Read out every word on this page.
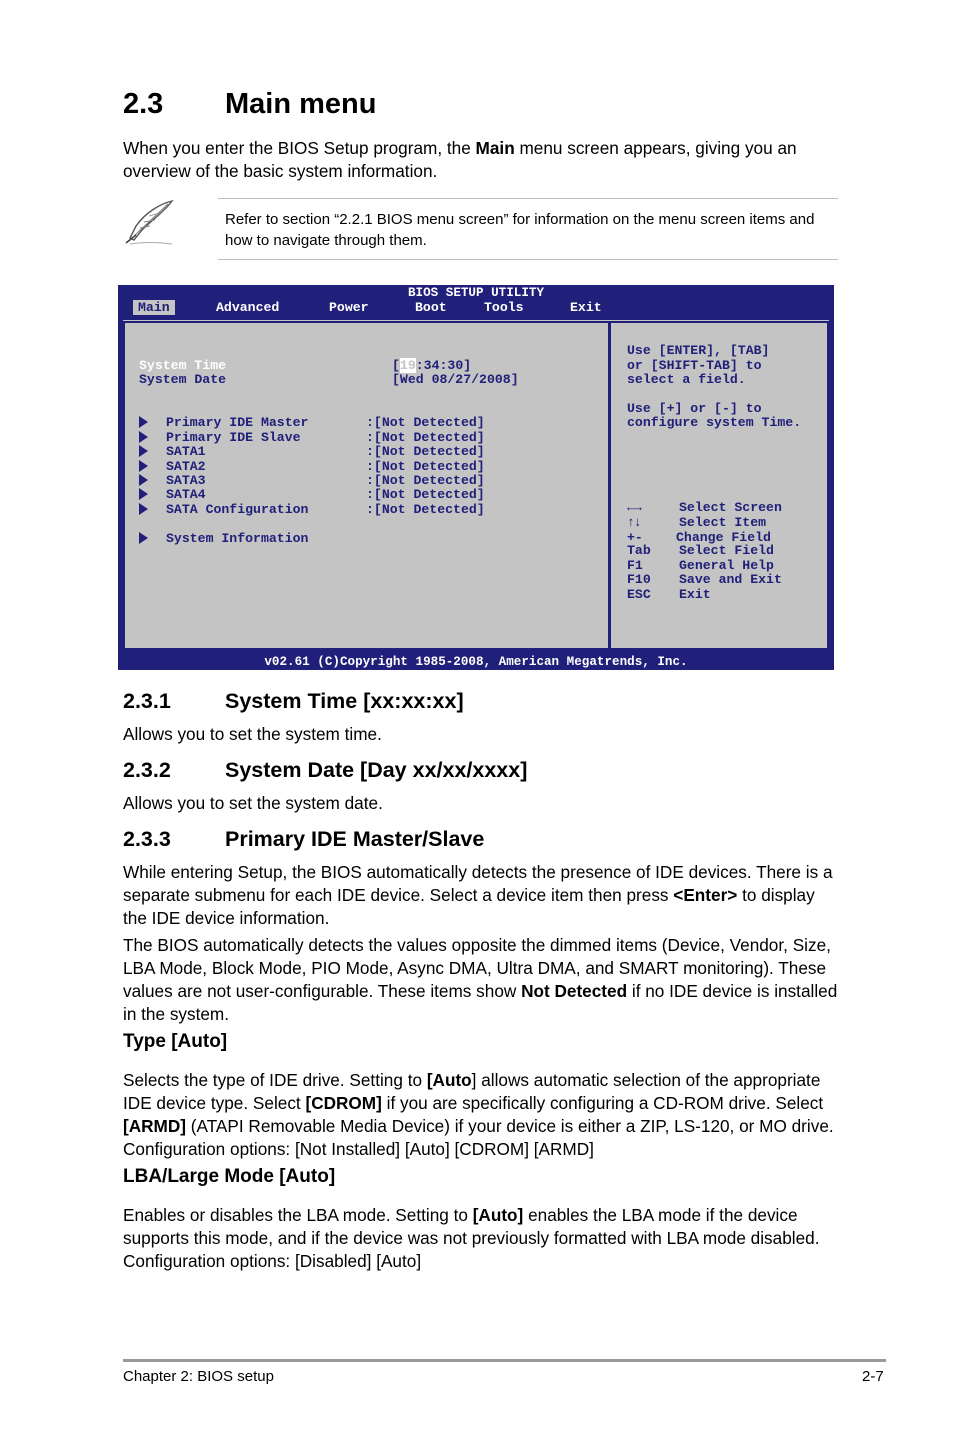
2.3 Main menu

When you enter the BIOS Setup program, the Main menu screen appears, giving you an overview of the basic system information.

Refer to section “2.2.1 BIOS menu screen” for information on the menu screen items and how to navigate through them.
BIOS SETUP UTILITY
Main	Advanced	Power	Boot	Tools	Exit
System Time	[19:34:30]
System Date	[Wed 08/27/2008]
Primary IDE Master	:[Not Detected]
Primary IDE Slave	:[Not Detected]
SATA1	:[Not Detected]
SATA2	:[Not Detected]
SATA3	:[Not Detected]
SATA4	:[Not Detected]
SATA Configuration	:[Not Detected]
System Information
Use [ENTER], [TAB]
or [SHIFT-TAB] to
select a field.
Use [+] or [-] to
configure system Time.
←→	Select Screen
↑↓	Select Item
+-	Change Field
Tab Select Field
F1	General Help
F10 Save and Exit
ESC Exit
v02.61 (C)Copyright 1985-2008, American Megatrends, Inc.
2.3.1	System Time [xx:xx:xx]

Allows you to set the system time.

2.3.2	System Date [Day xx/xx/xxxx]

Allows you to set the system date.

2.3.3	Primary IDE Master/Slave

While entering Setup, the BIOS automatically detects the presence of IDE devices. There is a separate submenu for each IDE device. Select a device item then press <Enter> to display the IDE device information.

The BIOS automatically detects the values opposite the dimmed items (Device, Vendor, Size, LBA Mode, Block Mode, PIO Mode, Async DMA, Ultra DMA, and SMART monitoring). These values are not user-configurable. These items show Not Detected if no IDE device is installed in the system.

Type [Auto]

Selects the type of IDE drive. Setting to [Auto] allows automatic selection of the appropriate IDE device type. Select [CDROM] if you are specifically configuring a CD-ROM drive. Select [ARMD] (ATAPI Removable Media Device) if your device is either a ZIP, LS-120, or MO drive. Configuration options: [Not Installed] [Auto] [CDROM] [ARMD]

LBA/Large Mode [Auto]

Enables or disables the LBA mode. Setting to [Auto] enables the LBA mode if the device supports this mode, and if the device was not previously formatted with LBA mode disabled. Configuration options: [Disabled] [Auto]

Chapter 2: BIOS setup	2-7
